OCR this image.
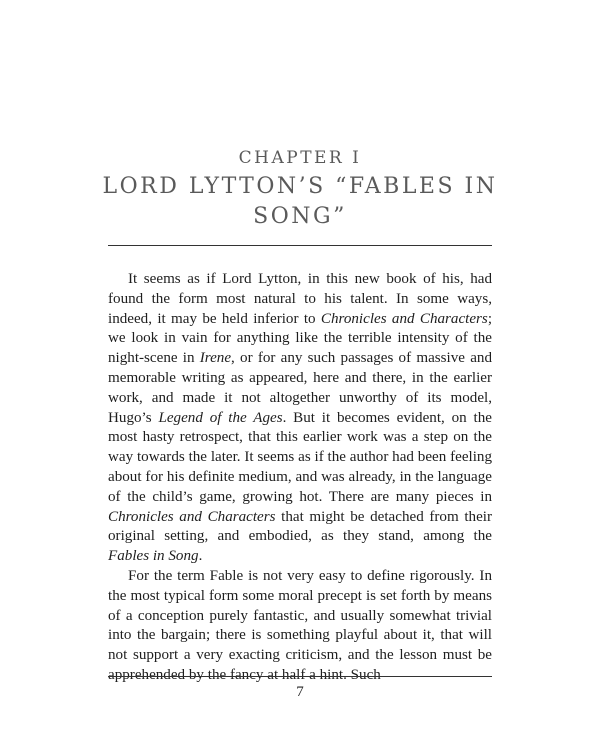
CHAPTER I
LORD LYTTON’S “FABLES IN SONG”

It seems as if Lord Lytton, in this new book of his, had found the form most natural to his talent. In some ways, indeed, it may be held inferior to Chronicles and Characters; we look in vain for anything like the terrible intensity of the night-scene in Irene, or for any such passages of massive and memorable writing as appeared, here and there, in the earlier work, and made it not altogether unworthy of its model, Hugo’s Legend of the Ages. But it becomes evident, on the most hasty retrospect, that this earlier work was a step on the way towards the later. It seems as if the author had been feeling about for his definite medium, and was already, in the language of the child’s game, growing hot. There are many pieces in Chronicles and Characters that might be detached from their original setting, and embodied, as they stand, among the Fables in Song.

For the term Fable is not very easy to define rigorously. In the most typical form some moral precept is set forth by means of a conception purely fantastic, and usually somewhat trivial into the bargain; there is something playful about it, that will not support a very exacting criticism, and the lesson must be apprehended by the fancy at half a hint. Such

7
